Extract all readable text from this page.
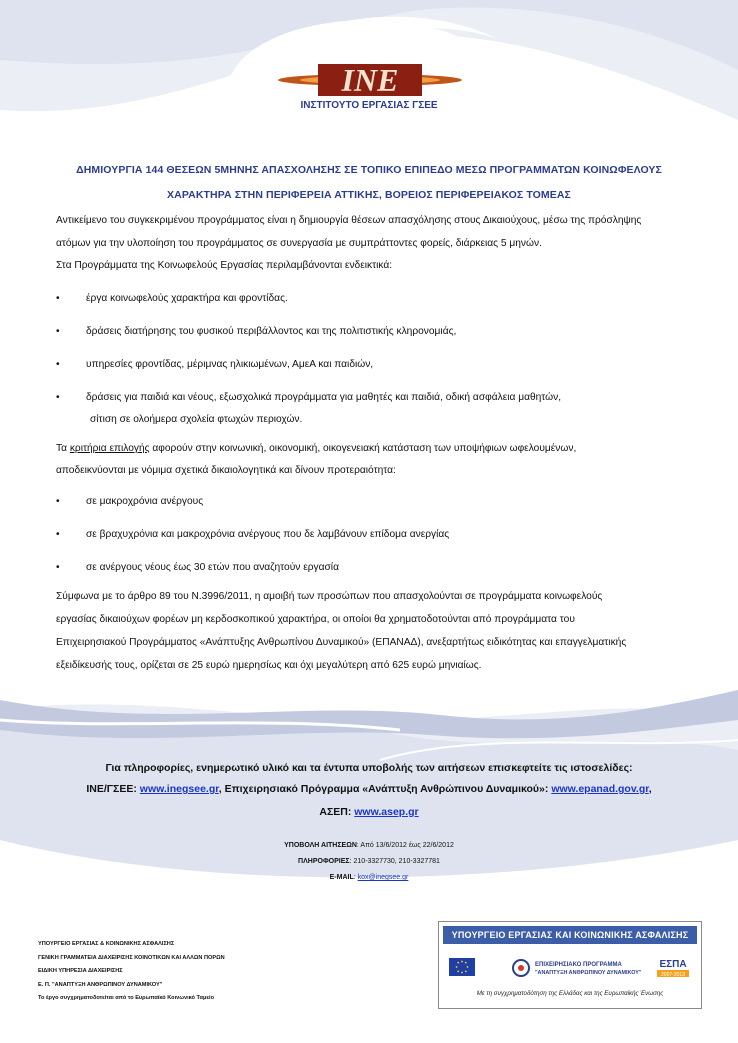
ΙΝΕ
ΙΝΣΤΙΤΟΥΤΟ ΕΡΓΑΣΙΑΣ ΓΣΕΕ
ΔΗΜΙΟΥΡΓΙΑ 144 ΘΕΣΕΩΝ 5ΜΗΝΗΣ ΑΠΑΣΧΟΛΗΣΗΣ ΣΕ ΤΟΠΙΚΟ ΕΠΙΠΕΔΟ ΜΕΣΩ ΠΡΟΓΡΑΜΜΑΤΩΝ ΚΟΙΝΩΦΕΛΟΥΣ
ΧΑΡΑΚΤΗΡΑ ΣΤΗΝ ΠΕΡΙΦΕΡΕΙΑ ΑΤΤΙΚΗΣ, ΒΟΡΕΙΟΣ ΠΕΡΙΦΕΡΕΙΑΚΟΣ ΤΟΜΕΑΣ
Αντικείμενο του συγκεκριμένου προγράμματος είναι η δημιουργία θέσεων απασχόλησης στους Δικαιούχους, μέσω της πρόσληψης
ατόμων για την υλοποίηση του προγράμματος σε συνεργασία με συμπράττοντες φορείς, διάρκειας 5 μηνών.
Στα Προγράμματα της Κοινωφελούς Εργασίας περιλαμβάνονται ενδεικτικά:
•	έργα κοινωφελούς χαρακτήρα και φροντίδας.
•	δράσεις διατήρησης του φυσικού περιβάλλοντος και της πολιτιστικής κληρονομιάς,
•	υπηρεσίες φροντίδας, μέριμνας ηλικιωμένων, ΑμεΑ και παιδιών,
•	δράσεις για παιδιά και νέους, εξωσχολικά προγράμματα για μαθητές και παιδιά, οδική ασφάλεια μαθητών,
σίτιση σε ολοήμερα σχολεία φτωχών περιοχών.
Τα κριτήρια επιλογής αφορούν στην κοινωνική, οικονομική, οικογενειακή κατάσταση των υποψήφιων ωφελουμένων,
αποδεικνύονται με νόμιμα σχετικά δικαιολογητικά και δίνουν προτεραιότητα:
•	σε μακροχρόνια ανέργους
•	σε βραχυχρόνια και μακροχρόνια ανέργους που δε λαμβάνουν επίδομα ανεργίας
•	σε ανέργους νέους έως 30 ετών που αναζητούν εργασία
Σύμφωνα με το άρθρο 89 του Ν.3996/2011, η αμοιβή των προσώπων που απασχολούνται σε προγράμματα κοινωφελούς
εργασίας δικαιούχων φορέων μη κερδοσκοπικού χαρακτήρα, οι οποίοι θα χρηματοδοτούνται από προγράμματα του
Επιχειρησιακού Προγράμματος «Ανάπτυξης Ανθρωπίνου Δυναμικού» (ΕΠΑΝΑΔ), ανεξαρτήτως ειδικότητας και επαγγελματικής
εξειδίκευσής τους, ορίζεται σε 25 ευρώ ημερησίως και όχι μεγαλύτερη από 625 ευρώ μηνιαίως.
Για πληροφορίες, ενημερωτικό υλικό και τα έντυπα υποβολής των αιτήσεων επισκεφτείτε τις ιστοσελίδες:
ΙΝΕ/ΓΣΕΕ: www.inegsee.gr, Επιχειρησιακό Πρόγραμμα «Ανάπτυξη Ανθρώπινου Δυναμικού»: www.epanad.gov.gr,
ΑΣΕΠ: www.asep.gr
ΥΠΟΒΟΛΗ ΑΙΤΗΣΕΩΝ: Από 13/6/2012 έως 22/6/2012
ΠΛΗΡΟΦΟΡΙΕΣ: 210-3327730, 210-3327781
E-MAIL: kox@inegsee.gr
ΥΠΟΥΡΓΕΙΟ ΕΡΓΑΣΙΑΣ & ΚΟΙΝΩΝΙΚΗΣ ΑΣΦΑΛΙΣΗΣ
ΓΕΝΙΚΗ ΓΡΑΜΜΑΤΕΙΑ ΔΙΑΧΕΙΡΙΣΗΣ ΚΟΙΝΟΤΙΚΩΝ ΚΑΙ ΑΛΛΩΝ ΠΟΡΩΝ
ΕΙΔΙΚΗ ΥΠΗΡΕΣΙΑ ΔΙΑΧΕΙΡΙΣΗΣ
Ε. Π. "ΑΝΑΠΤΥΞΗ ΑΝΘΡΩΠΙΝΟΥ ΔΥΝΑΜΙΚΟΥ"
Το έργο συγχρηματοδοτείται από το Ευρωπαϊκό Κοινωνικό Ταμείο
ΥΠΟΥΡΓΕΙΟ ΕΡΓΑΣΙΑΣ ΚΑΙ ΚΟΙΝΩΝΙΚΗΣ ΑΣΦΑΛΙΣΗΣ
ΕΠΙΧΕΙΡΗΣΙΑΚΟ ΠΡΟΓΡΑΜΜΑ
"ΑΝΑΠΤΥΞΗ ΑΝΘΡΩΠΙΝΟΥ ΔΥΝΑΜΙΚΟΥ"
ΕΣΠΑ
2007-2013
Με τη συγχρηματοδότηση της Ελλάδας και της Ευρωπαϊκής Ένωσης
